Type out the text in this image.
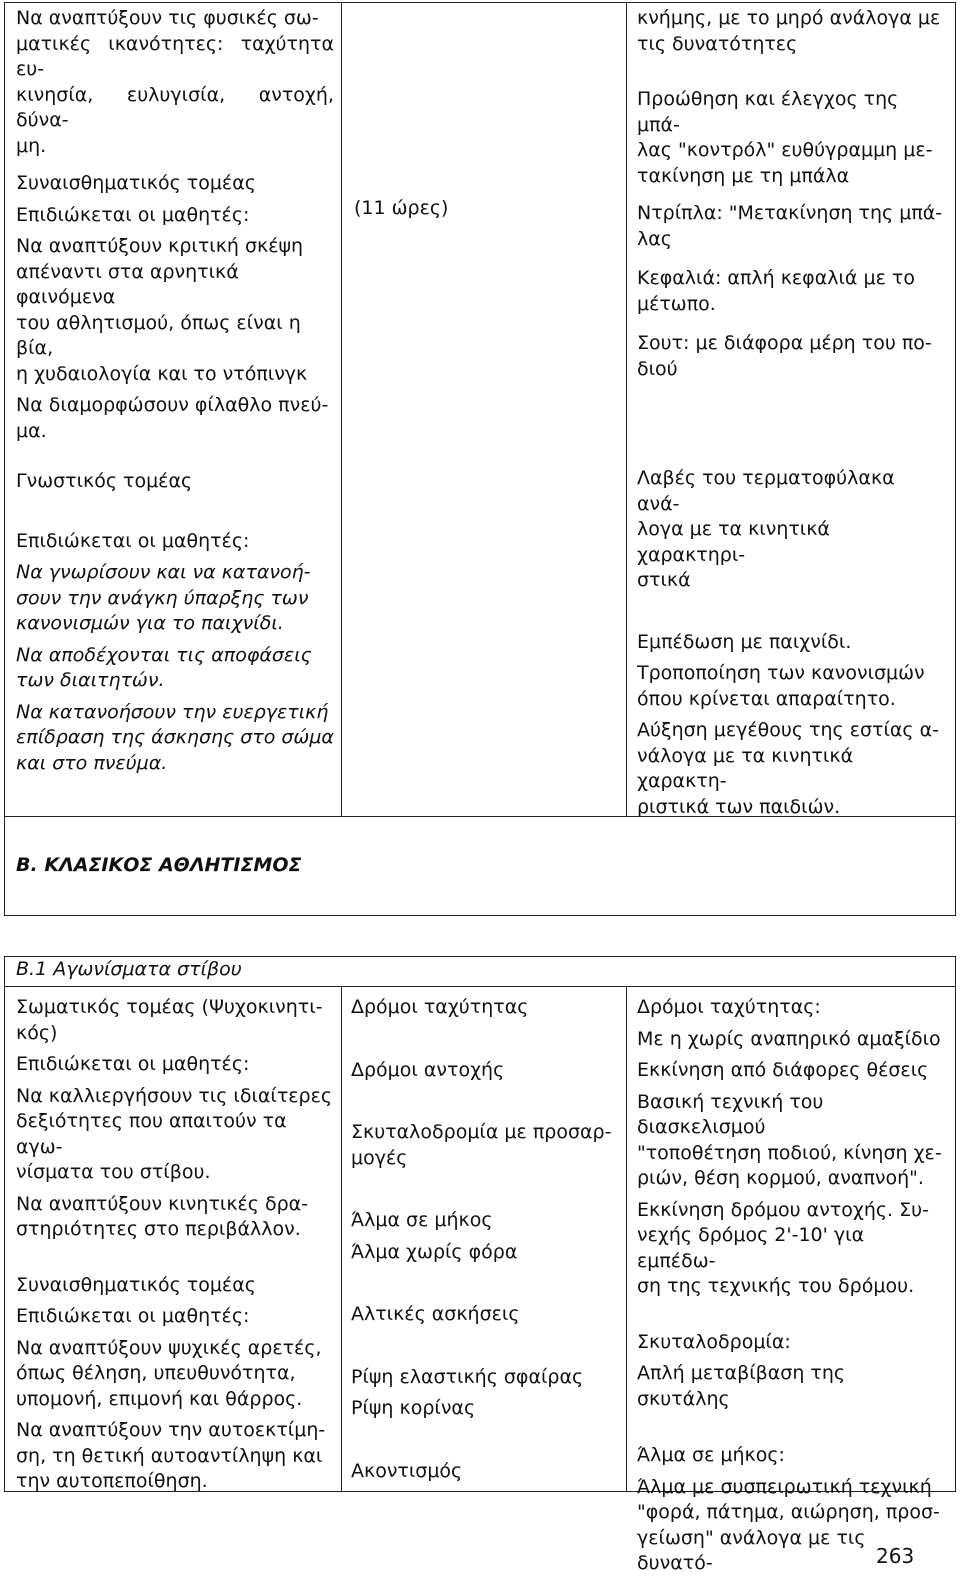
Να αναπτύξουν τις φυσικές σω-
ματικές ικανότητες: ταχύτητα ευ-
κινησία, ευλυγισία, αντοχή, δύνα-
μη.
Συναισθηματικός τομέας
Επιδιώκεται οι μαθητές:
Να αναπτύξουν κριτική σκέψη
απέναντι στα αρνητικά φαινόμενα
του αθλητισμού, όπως είναι η βία,
η χυδαιολογία και το ντόπινγκ
Να διαμορφώσουν φίλαθλο πνεύ-
μα.
Γνωστικός τομέας
Επιδιώκεται οι μαθητές:
Να γνωρίσουν και να κατανοή-
σουν την ανάγκη ύπαρξης των
κανονισμών για το παιχνίδι.
Να αποδέχονται τις αποφάσεις
των διαιτητών.
Να κατανοήσουν την ευεργετική
επίδραση της άσκησης στο σώμα
και στο πνεύμα.
(11 ώρες)
κνήμης, με το μηρό ανάλογα με
τις δυνατότητες
Προώθηση και έλεγχος της μπά-
λας "κοντρόλ" ευθύγραμμη με-
τακίνηση με τη μπάλα
Ντρίπλα: "Μετακίνηση της μπά-
λας
Κεφαλιά: απλή κεφαλιά με το
μέτωπο.
Σουτ: με διάφορα μέρη του πο-
διού
Λαβές του τερματοφύλακα ανά-
λογα με τα κινητικά χαρακτηρι-
στικά
Εμπέδωση με παιχνίδι.
Τροποποίηση των κανονισμών
όπου κρίνεται απαραίτητο.
Αύξηση μεγέθους της εστίας α-
νάλογα με τα κινητικά χαρακτη-
ριστικά των παιδιών.
Β. ΚΛΑΣΙΚΟΣ ΑΘΛΗΤΙΣΜΟΣ
Β.1 Αγωνίσματα στίβου
Σωματικός τομέας (Ψυχοκινητι-
κός)
Επιδιώκεται οι μαθητές:
Να καλλιεργήσουν τις ιδιαίτερες
δεξιότητες που απαιτούν τα αγω-
νίσματα του στίβου.
Να αναπτύξουν κινητικές δρα-
στηριότητες στο περιβάλλον.
Συναισθηματικός τομέας
Επιδιώκεται οι μαθητές:
Να αναπτύξουν ψυχικές αρετές,
όπως θέληση, υπευθυνότητα,
υπομονή, επιμονή και θάρρος.
Να αναπτύξουν την αυτοεκτίμη-
ση, τη θετική αυτοαντίληψη και
την αυτοπεποίθηση.
Δρόμοι ταχύτητας
Δρόμοι αντοχής
Σκυταλοδρομία με προσαρ-
μογές
Άλμα σε μήκος
Άλμα χωρίς φόρα
Αλτικές ασκήσεις
Ρίψη ελαστικής σφαίρας
Ρίψη κορίνας
Ακοντισμός
Δρόμοι ταχύτητας:
Με η χωρίς αναπηρικό αμαξίδιο
Εκκίνηση από διάφορες θέσεις
Βασική τεχνική του διασκελισμού
"τοποθέτηση ποδιού, κίνηση χε-
ριών, θέση κορμού, αναπνοή".
Εκκίνηση δρόμου αντοχής. Συ-
νεχής δρόμος 2'-10' για εμπέδω-
ση της τεχνικής του δρόμου.
Σκυταλοδρομία:
Απλή μεταβίβαση της σκυτάλης
Άλμα σε μήκος:
Άλμα με συσπειρωτική τεχνική
"φορά, πάτημα, αιώρηση, προσ-
γείωση" ανάλογα με τις δυνατό-	263
